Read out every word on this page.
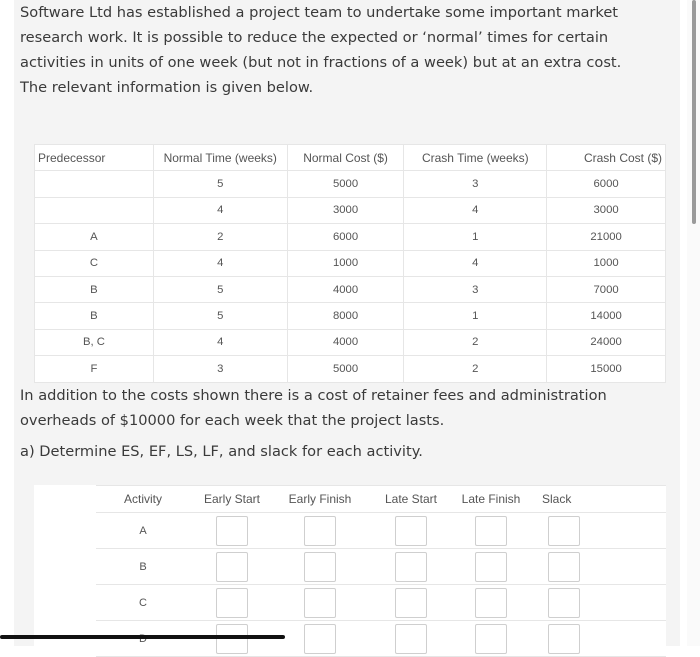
Software Ltd has established a project team to undertake some important market research work. It is possible to reduce the expected or ‘normal’ times for certain activities in units of one week (but not in fractions of a week) but at an extra cost. The relevant information is given below.
Predecessor	Normal Time (weeks)	Normal Cost ($)	Crash Time (weeks)	Crash Cost ($)
	5	5000	3	6000
	4	3000	4	3000
A	2	6000	1	21000
C	4	1000	4	1000
B	5	4000	3	7000
B	5	8000	1	14000
B, C	4	4000	2	24000
F	3	5000	2	15000
In addition to the costs shown there is a cost of retainer fees and administration overheads of $10000 for each week that the project lasts.
a) Determine ES, EF, LS, LF, and slack for each activity.
	Activity	Early Start	Early Finish	Late Start	Late Finish	Slack
	A					
	B					
	C					
